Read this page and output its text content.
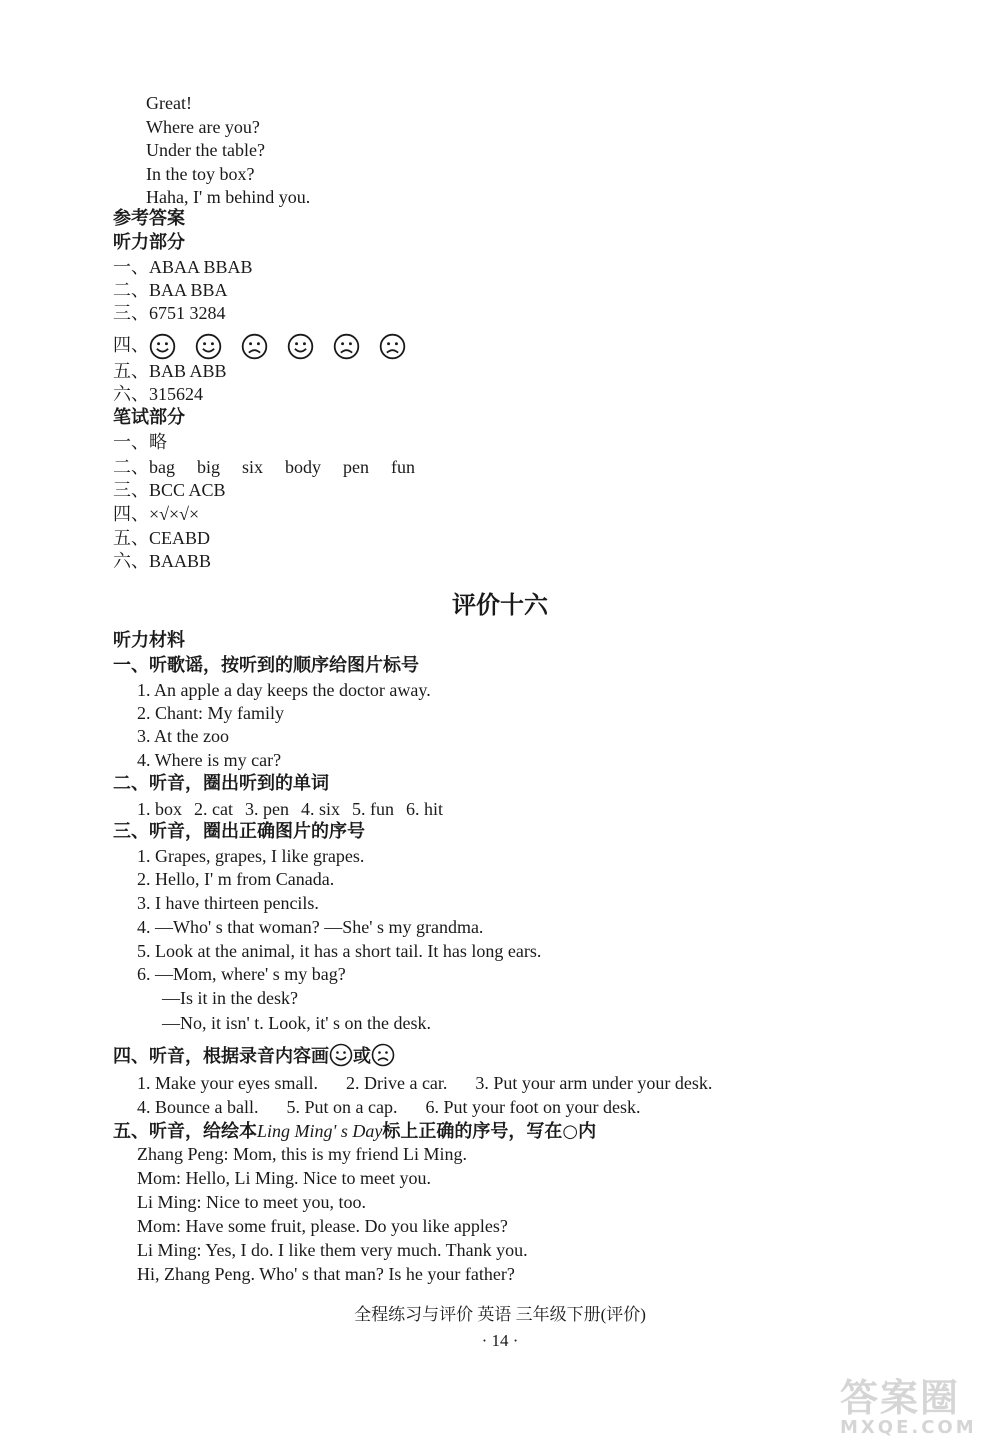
Great!
Where are you?
Under the table?
In the toy box?
Haha, I' m behind you.
参考答案
听力部分
一、ABAA BBAB
二、BAA BBA
三、6751 3284
四、
五、BAB ABB
六、315624
笔试部分
一、略
二、bag big six body pen fun
三、BCC ACB
四、×√×√×
五、CEABD
六、BAABB
评价十六
听力材料
一、听歌谣，按听到的顺序给图片标号
1. An apple a day keeps the doctor away.
2. Chant: My family
3. At the zoo
4. Where is my car?
二、听音，圈出听到的单词
1. box 2. cat 3. pen 4. six 5. fun 6. hit
三、听音，圈出正确图片的序号
1. Grapes, grapes, I like grapes.
2. Hello, I' m from Canada.
3. I have thirteen pencils.
4. —Who' s that woman? —She' s my grandma.
5. Look at the animal, it has a short tail. It has long ears.
6. —Mom, where' s my bag?
—Is it in the desk?
—No, it isn' t. Look, it' s on the desk.
四、听音，根据录音内容画 或
1. Make your eyes small. 2. Drive a car. 3. Put your arm under your desk.
4. Bounce a ball. 5. Put on a cap. 6. Put your foot on your desk.
五、听音，给绘本Ling Ming' s Day标上正确的序号，写在○内
Zhang Peng: Mom, this is my friend Li Ming.
Mom: Hello, Li Ming. Nice to meet you.
Li Ming: Nice to meet you, too.
Mom: Have some fruit, please. Do you like apples?
Li Ming: Yes, I do. I like them very much. Thank you.
Hi, Zhang Peng. Who' s that man? Is he your father?
全程练习与评价 英语 三年级下册(评价)
· 14 ·
答案圈
MXQE.COM
